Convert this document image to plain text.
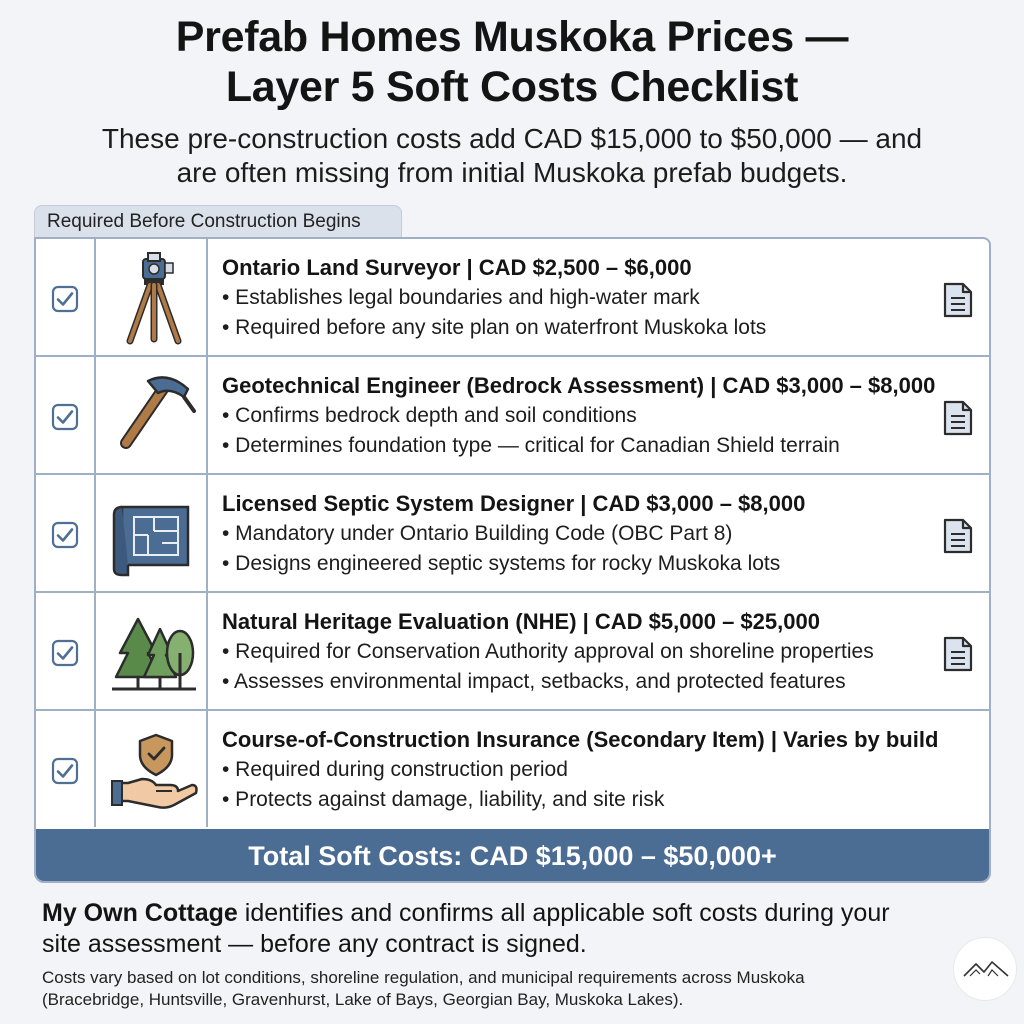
Prefab Homes Muskoka Prices —
Layer 5 Soft Costs Checklist
These pre-construction costs add CAD $15,000 to $50,000 — and
are often missing from initial Muskoka prefab budgets.
Required Before Construction Begins
Ontario Land Surveyor | CAD $2,500 – $6,000
• Establishes legal boundaries and high-water mark
• Required before any site plan on waterfront Muskoka lots
Geotechnical Engineer (Bedrock Assessment) | CAD $3,000 – $8,000
• Confirms bedrock depth and soil conditions
• Determines foundation type — critical for Canadian Shield terrain
Licensed Septic System Designer | CAD $3,000 – $8,000
• Mandatory under Ontario Building Code (OBC Part 8)
• Designs engineered septic systems for rocky Muskoka lots
Natural Heritage Evaluation (NHE) | CAD $5,000 – $25,000
• Required for Conservation Authority approval on shoreline properties
• Assesses environmental impact, setbacks, and protected features
Course-of-Construction Insurance (Secondary Item) | Varies by build
• Required during construction period
• Protects against damage, liability, and site risk
Total Soft Costs: CAD $15,000 – $50,000+
My Own Cottage identifies and confirms all applicable soft costs during your
site assessment — before any contract is signed.
Costs vary based on lot conditions, shoreline regulation, and municipal requirements across Muskoka
(Bracebridge, Huntsville, Gravenhurst, Lake of Bays, Georgian Bay, Muskoka Lakes).
